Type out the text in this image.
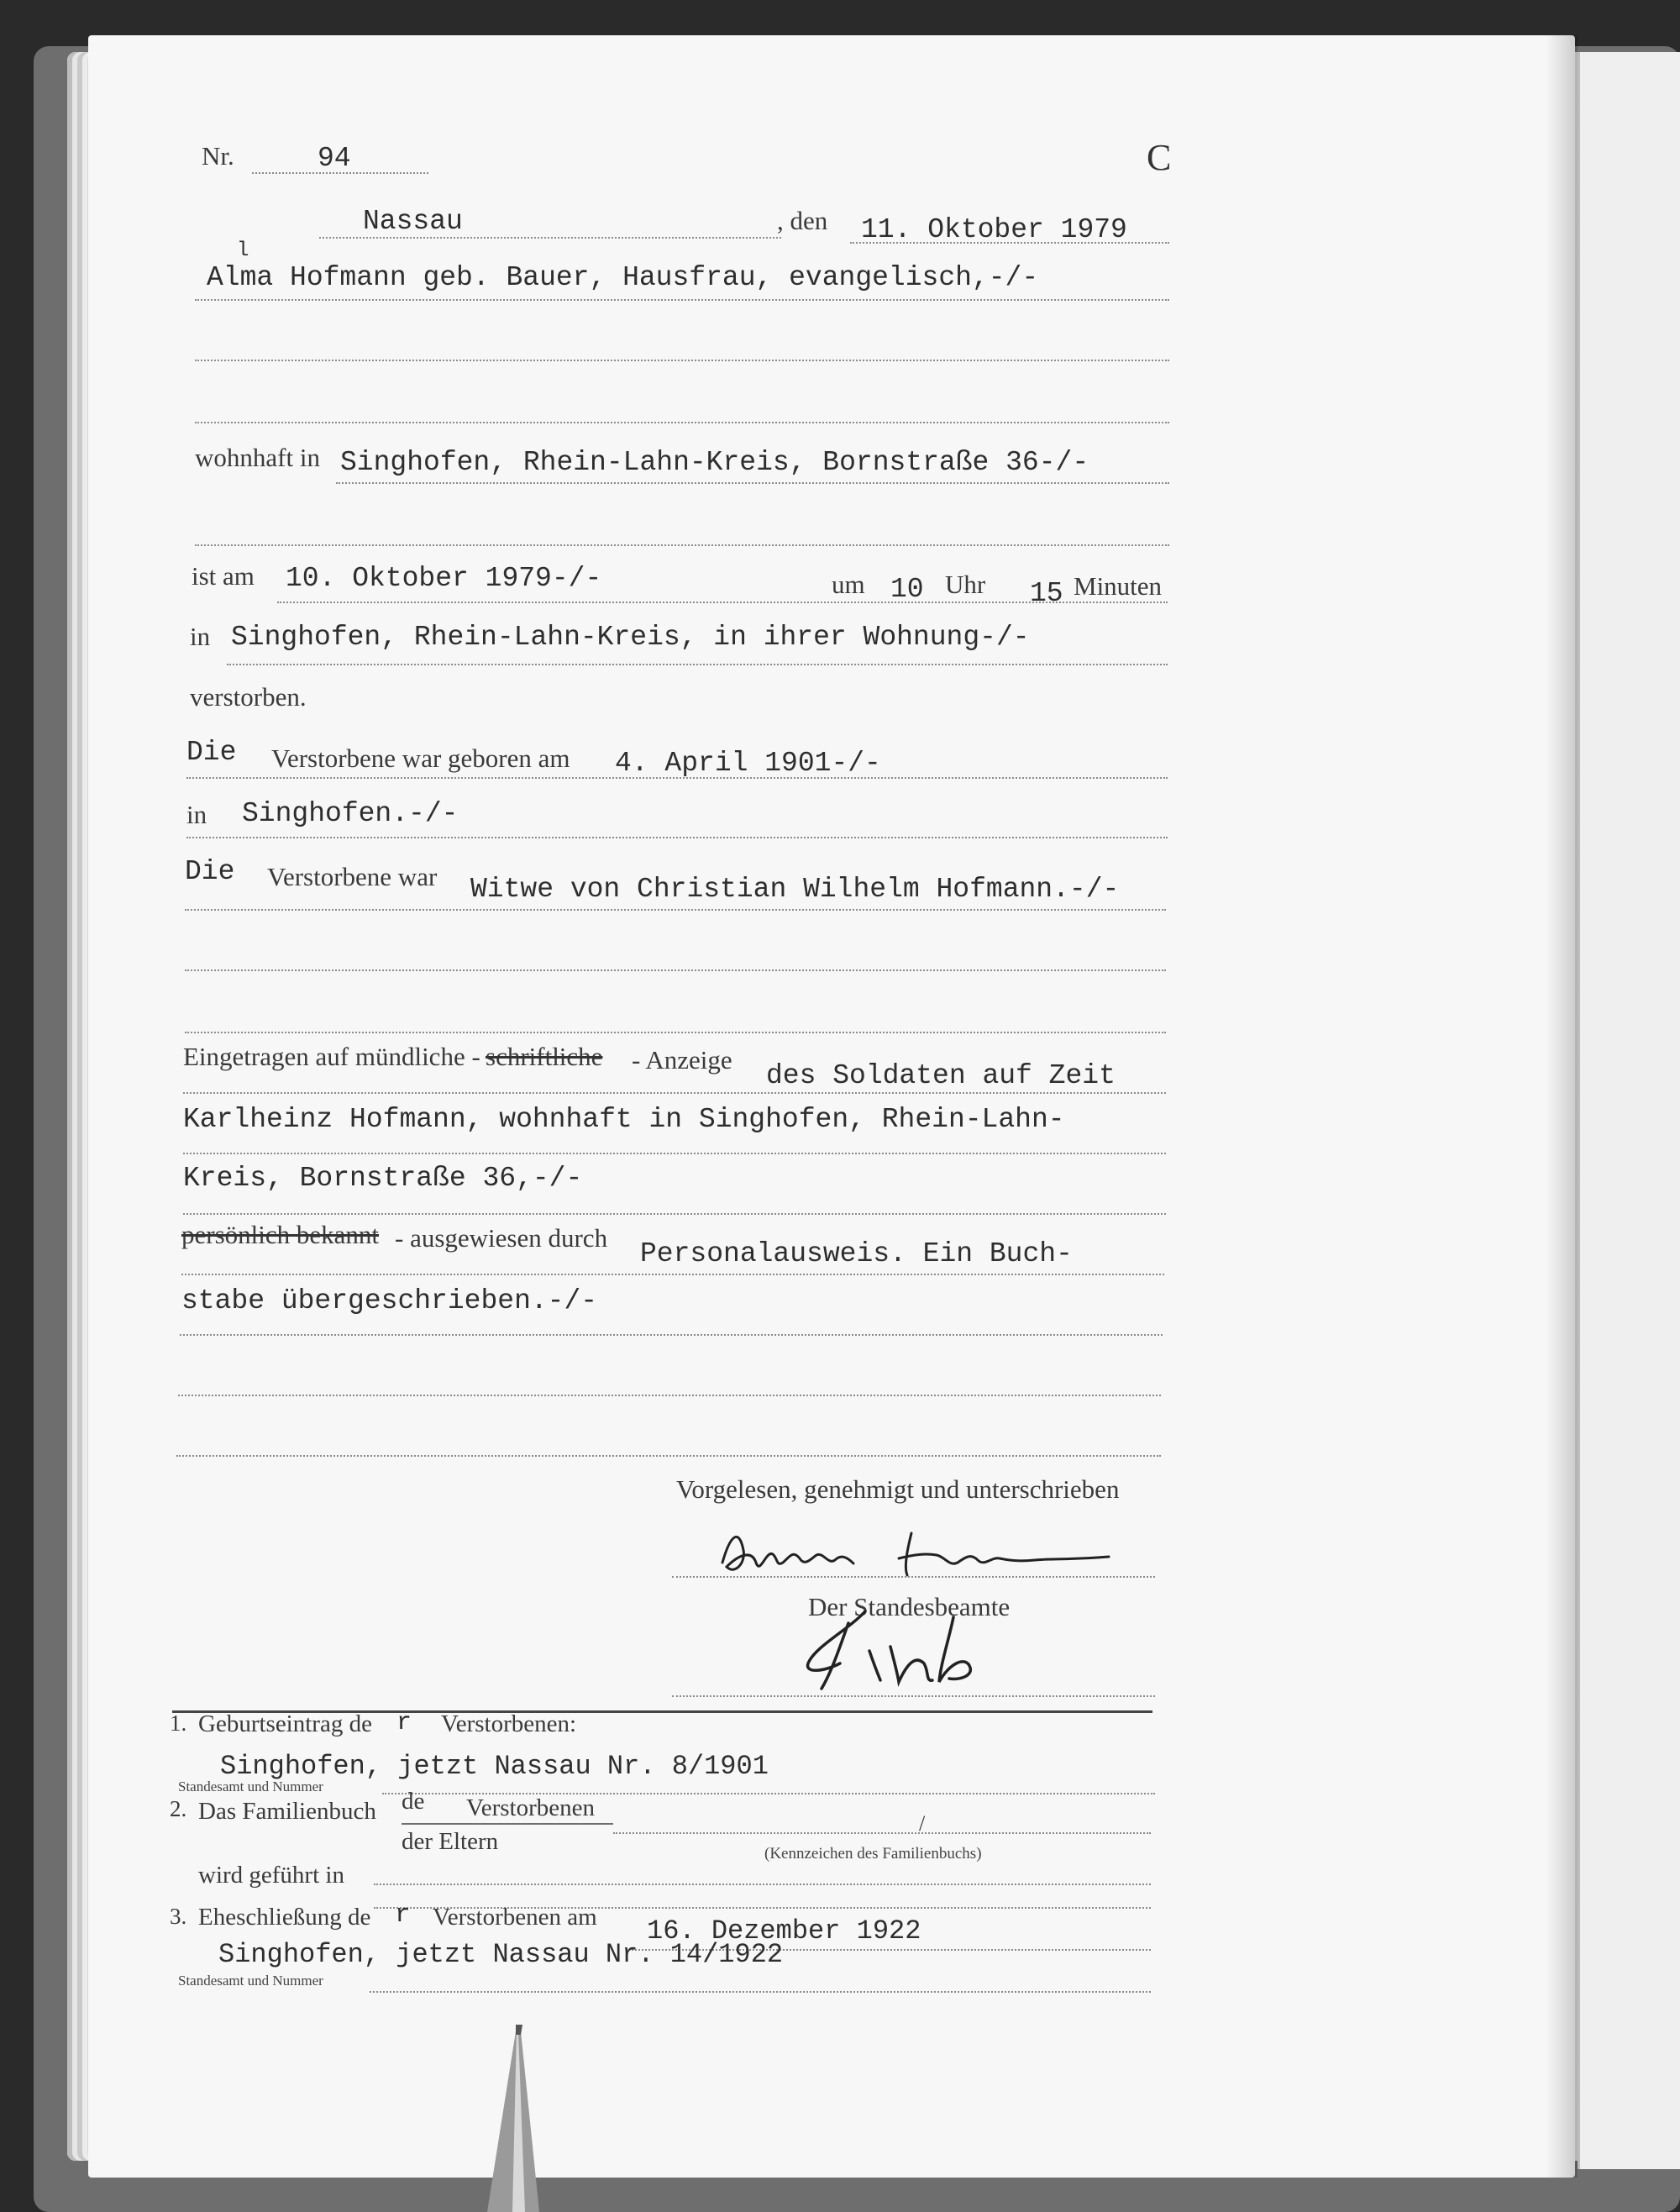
Nr.	94	C
Nassau	, den 11. Oktober 1979
l
Alma Hofmann geb. Bauer, Hausfrau, evangelisch,-/-
wohnhaft in Singhofen, Rhein-Lahn-Kreis, Bornstraße 36-/-
ist am 10. Oktober 1979-/-	um 10 Uhr 15 Minuten
in Singhofen, Rhein-Lahn-Kreis, in ihrer Wohnung-/-
verstorben.
Die Verstorbene war geboren am 4. April 1901-/-
in Singhofen.-/-
Die Verstorbene war Witwe von Christian Wilhelm Hofmann.-/-
Eingetragen auf mündliche - schriftliche - Anzeige
des Soldaten auf Zeit
Karlheinz Hofmann, wohnhaft in Singhofen, Rhein-Lahn-
Kreis, Bornstraße 36,-/-
persönlich bekannt - ausgewiesen durch
Personalausweis. Ein Buch-
stabe übergeschrieben.-/-
Vorgelesen, genehmigt und unterschrieben
Der Standesbeamte
1. Geburtseintrag de r Verstorbenen:
Singhofen, jetzt Nassau Nr. 8/1901
Standesamt und Nummer
2. Das Familienbuch de Verstorbenen
/
der Eltern	(Kennzeichen des Familienbuchs)
wird geführt in
3. Eheschließung de r Verstorbenen am 16. Dezember 1922
Singhofen, jetzt Nassau Nr. 14/1922
Standesamt und Nummer
